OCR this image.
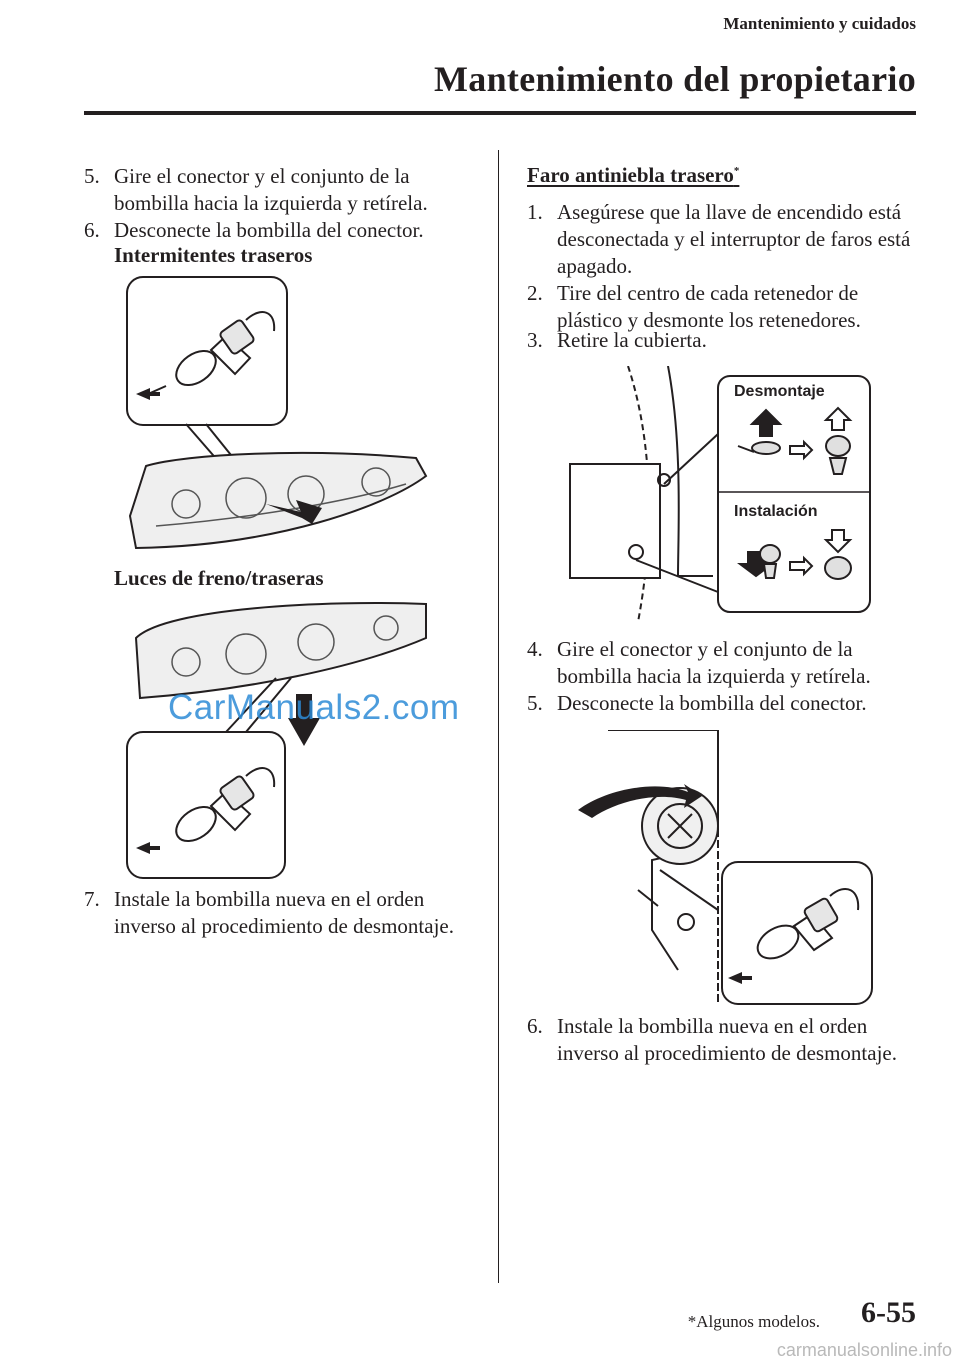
Mantenimiento y cuidados
Mantenimiento del propietario
5. Gire el conector y el conjunto de la bombilla hacia la izquierda y retírela.
6. Desconecte la bombilla del conector.
Intermitentes traseros
Luces de freno/traseras
CarManuals2.com
7. Instale la bombilla nueva en el orden inverso al procedimiento de desmontaje.
Faro antiniebla trasero*
1. Asegúrese que la llave de encendido está desconectada y el interruptor de faros está apagado.
2. Tire del centro de cada retenedor de plástico y desmonte los retenedores.
3. Retire la cubierta.
Desmontaje
Instalación
4. Gire el conector y el conjunto de la bombilla hacia la izquierda y retírela.
5. Desconecte la bombilla del conector.
6. Instale la bombilla nueva en el orden inverso al procedimiento de desmontaje.
*Algunos modelos. 6-55
carmanualsonline.info
